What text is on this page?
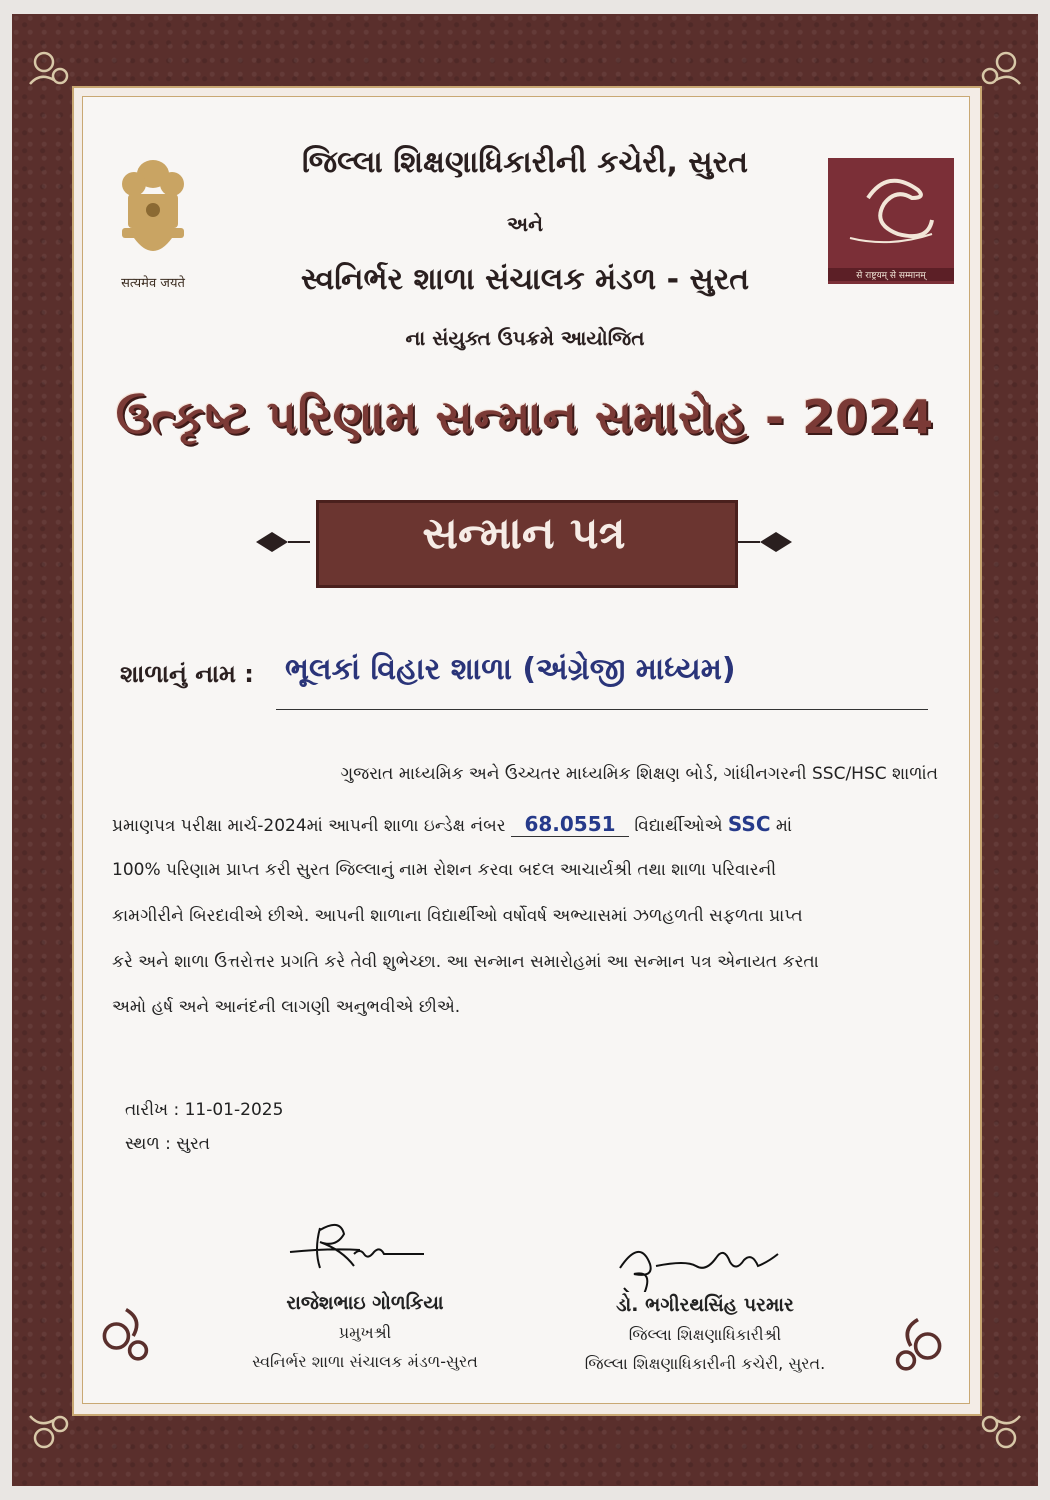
सत्यमेव जयते	से राष्ट्रयम् से सम्मानम्
જિલ્લા શિક્ષણાધિકારીની કચેરી, સુરત
અને
સ્વનિર્ભર શાળા સંચાલક મંડળ - સુરત
ના સંયુક્ત ઉપક્રમે આયોજિત
ઉત્કૃષ્ટ પરિણામ સન્માન સમારોહ - 2024
સન્માન પત્ર
શાળાનું નામ : ભૂલકાં વિહાર શાળા (અંગ્રેજી માધ્યમ)
ગુજરાત માધ્યમિક અને ઉચ્ચતર માધ્યમિક શિક્ષણ બોર્ડ, ગાંધીનગરની SSC/HSC શાળાંત
પ્રમાણપત્ર પરીક્ષા માર્ચ-2024માં આપની શાળા ઇન્ડેક્ષ નંબર 68.0551 વિદ્યાર્થીઓએ SSC માં
100% પરિણામ પ્રાપ્ત કરી સુરત જિલ્લાનું નામ રોશન કરવા બદલ આચાર્યશ્રી તથા શાળા પરિવારની
કામગીરીને બિરદાવીએ છીએ. આપની શાળાના વિદ્યાર્થીઓ વર્ષોવર્ષ અભ્યાસમાં ઝળહળતી સફળતા પ્રાપ્ત
કરે અને શાળા ઉત્તરોત્તર પ્રગતિ કરે તેવી શુભેચ્છા. આ સન્માન સમારોહમાં આ સન્માન પત્ર એનાયત કરતા
અમો હર્ષ અને આનંદની લાગણી અનુભવીએ છીએ.
તારીખ : 11-01-2025
સ્થળ : સુરત
રાજેશભાઇ ગોળકિયા
પ્રમુખશ્રી
સ્વનિર્ભર શાળા સંચાલક મંડળ-સુરત
ડો. ભગીરથસિંહ પરમાર
જિલ્લા શિક્ષણાધિકારીશ્રી
જિલ્લા શિક્ષણાધિકારીની કચેરી, સુરત.
